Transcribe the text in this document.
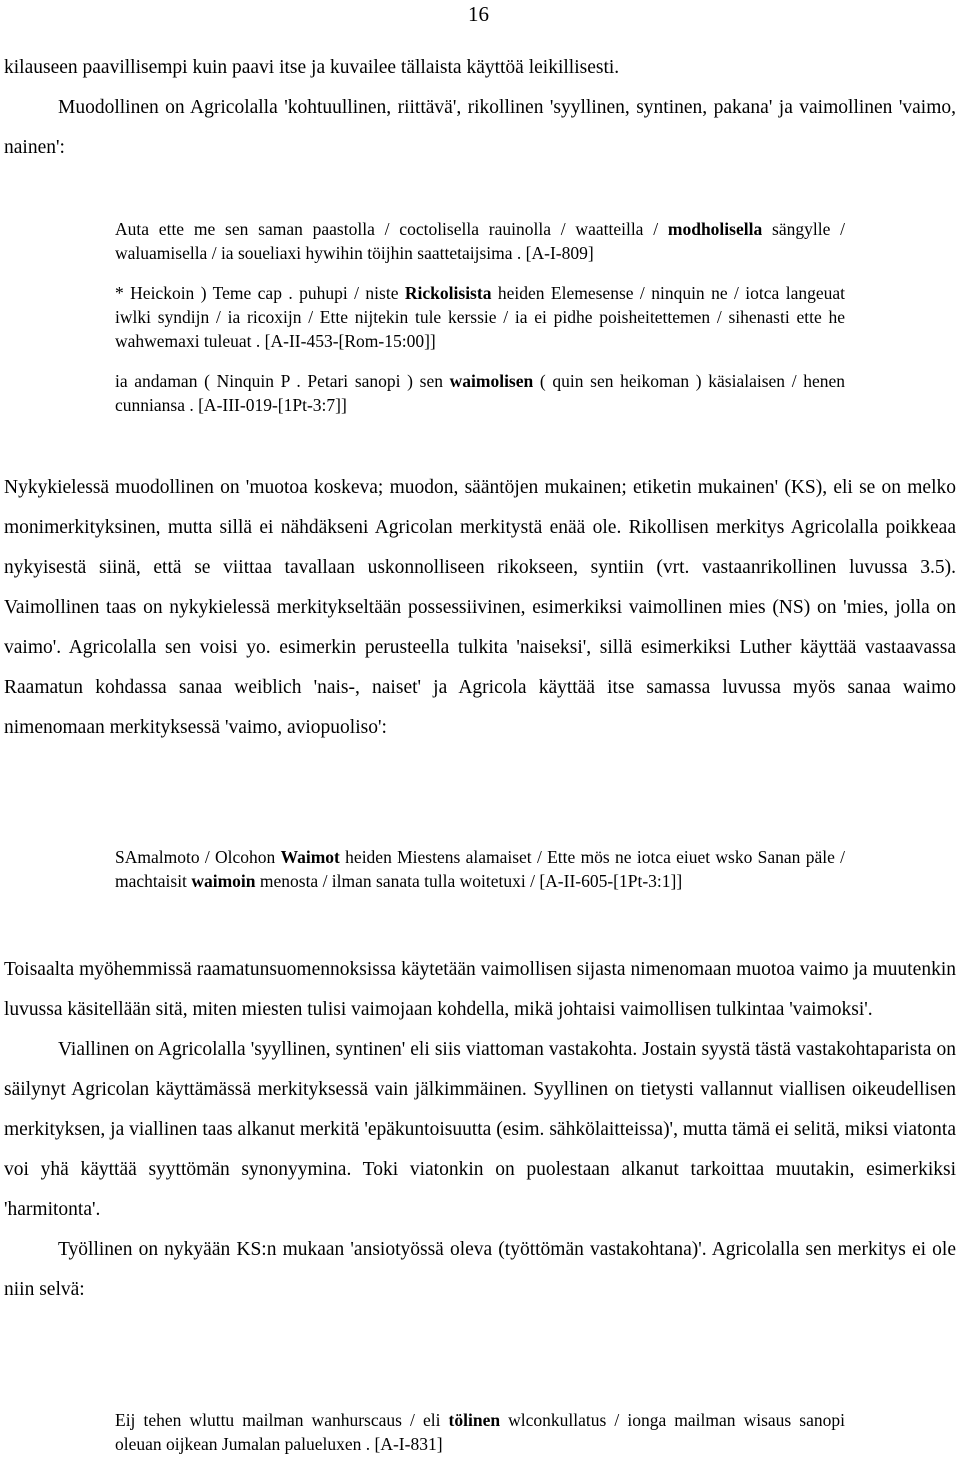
16

kilauseen paavillisempi kuin paavi itse ja kuvailee tällaista käyttöä leikillisesti.

Muodollinen on Agricolalla 'kohtuullinen, riittävä', rikollinen 'syyllinen, syntinen, pakana' ja vaimollinen 'vaimo, nainen':

Auta ette me sen saman paastolla / coctolisella rauinolla / waatteilla / modholisella sängylle / waluamisella / ia soueliaxi hywihin töijhin saattetaijsima . [A-I-809]

* Heickoin ) Teme cap . puhupi / niste Rickolisista heiden Elemesense / ninquin ne / iotca langeuat iwlki syndijn / ia ricoxijn / Ette nijtekin tule kerssie / ia ei pidhe poisheitettemen / sihenasti ette he wahwemaxi tuleuat . [A-II-453-[Rom-15:00]]

ia andaman ( Ninquin P . Petari sanopi ) sen waimolisen ( quin sen heikoman ) käsialaisen / henen cunniansa . [A-III-019-[1Pt-3:7]]

Nykykielessä muodollinen on 'muotoa koskeva; muodon, sääntöjen mukainen; etiketin mukainen' (KS), eli se on melko monimerkityksinen, mutta sillä ei nähdäkseni Agricolan merkitystä enää ole. Rikollisen merkitys Agricolalla poikkeaa nykyisestä siinä, että se viittaa tavallaan uskonnolliseen rikokseen, syntiin (vrt. vastaanrikollinen luvussa 3.5). Vaimollinen taas on nykykielessä merkitykseltään possessiivinen, esimerkiksi vaimollinen mies (NS) on 'mies, jolla on vaimo'. Agricolalla sen voisi yo. esimerkin perusteella tulkita 'naiseksi', sillä esimerkiksi Luther käyttää vastaavassa Raamatun kohdassa sanaa weiblich 'nais-, naiset' ja Agricola käyttää itse samassa luvussa myös sanaa waimo nimenomaan merkityksessä 'vaimo, aviopuoliso':

SAmalmoto / Olcohon Waimot heiden Miestens alamaiset / Ette mös ne iotca eiuet wsko Sanan päle / machtaisit waimoin menosta / ilman sanata tulla woitetuxi / [A-II-605-[1Pt-3:1]]

Toisaalta myöhemmissä raamatunsuomennoksissa käytetään vaimollisen sijasta nimenomaan muotoa vaimo ja muutenkin luvussa käsitellään sitä, miten miesten tulisi vaimojaan kohdella, mikä johtaisi vaimollisen tulkintaa 'vaimoksi'.

Viallinen on Agricolalla 'syyllinen, syntinen' eli siis viattoman vastakohta. Jostain syystä tästä vastakohtaparista on säilynyt Agricolan käyttämässä merkityksessä vain jälkimmäinen. Syyllinen on tietysti vallannut viallisen oikeudellisen merkityksen, ja viallinen taas alkanut merkitä 'epäkuntoisuutta (esim. sähkölaitteissa)', mutta tämä ei selitä, miksi viatonta voi yhä käyttää syyttömän synonyymina. Toki viatonkin on puolestaan alkanut tarkoittaa muutakin, esimerkiksi 'harmitonta'.

Työllinen on nykyään KS:n mukaan 'ansiotyössä oleva (työttömän vastakohtana)'. Agricolalla sen merkitys ei ole niin selvä:

Eij tehen wluttu mailman wanhurscaus / eli tölinen wlconkullatus / ionga mailman wisaus sanopi oleuan oijkean Jumalan palueluxen . [A-I-831]
